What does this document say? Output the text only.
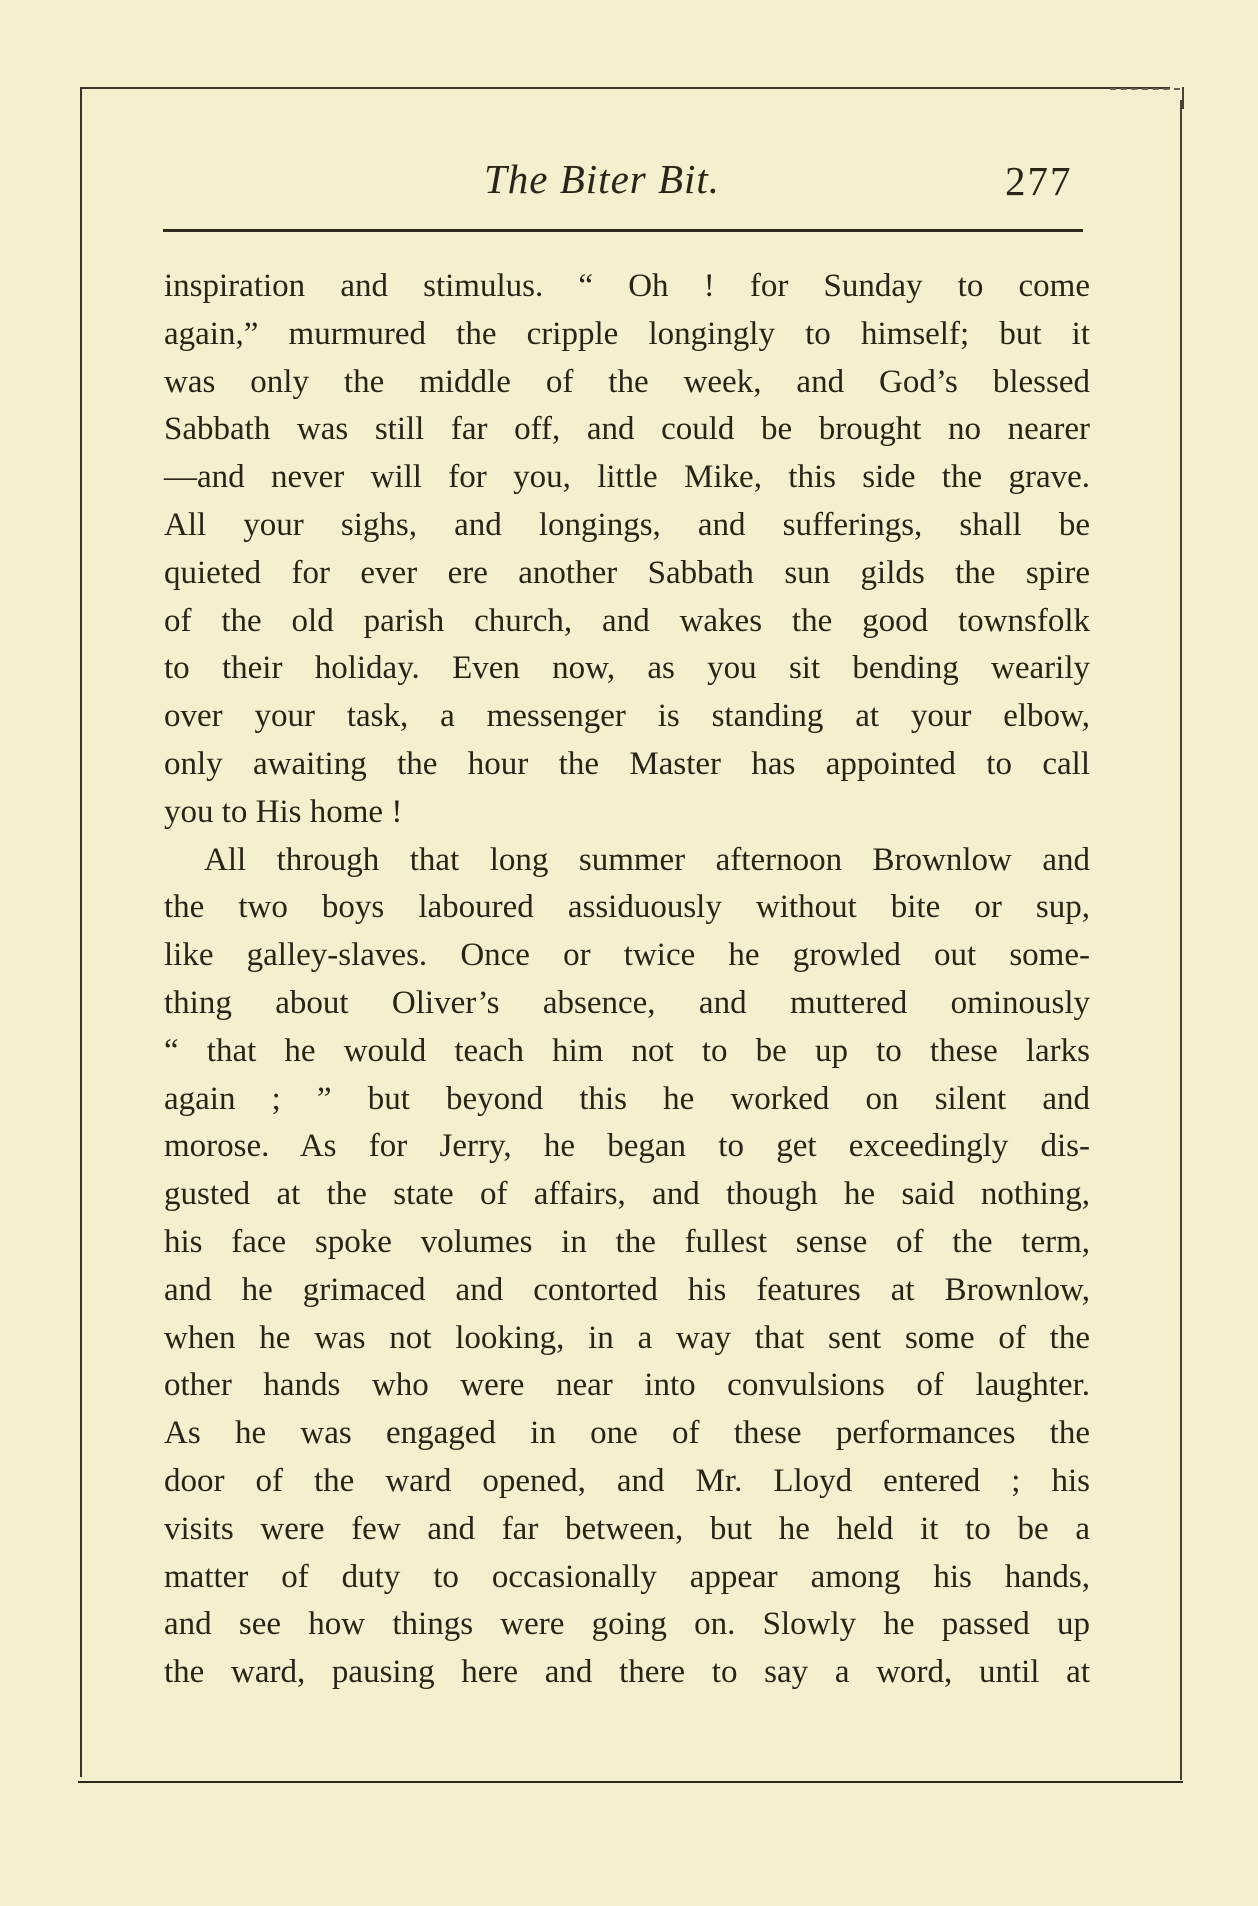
The Biter Bit.	277
inspiration and stimulus. “ Oh ! for Sunday to come
again,” murmured the cripple longingly to himself; but it
was only the middle of the week, and God’s blessed
Sabbath was still far off, and could be brought no nearer
—and never will for you, little Mike, this side the grave.
All your sighs, and longings, and sufferings, shall be
quieted for ever ere another Sabbath sun gilds the spire
of the old parish church, and wakes the good townsfolk
to their holiday. Even now, as you sit bending wearily
over your task, a messenger is standing at your elbow,
only awaiting the hour the Master has appointed to call
you to His home !
All through that long summer afternoon Brownlow and
the two boys laboured assiduously without bite or sup,
like galley-slaves. Once or twice he growled out some-
thing about Oliver’s absence, and muttered ominously
“ that he would teach him not to be up to these larks
again ; ” but beyond this he worked on silent and
morose. As for Jerry, he began to get exceedingly dis-
gusted at the state of affairs, and though he said nothing,
his face spoke volumes in the fullest sense of the term,
and he grimaced and contorted his features at Brownlow,
when he was not looking, in a way that sent some of the
other hands who were near into convulsions of laughter.
As he was engaged in one of these performances the
door of the ward opened, and Mr. Lloyd entered ; his
visits were few and far between, but he held it to be a
matter of duty to occasionally appear among his hands,
and see how things were going on. Slowly he passed up
the ward, pausing here and there to say a word, until at
